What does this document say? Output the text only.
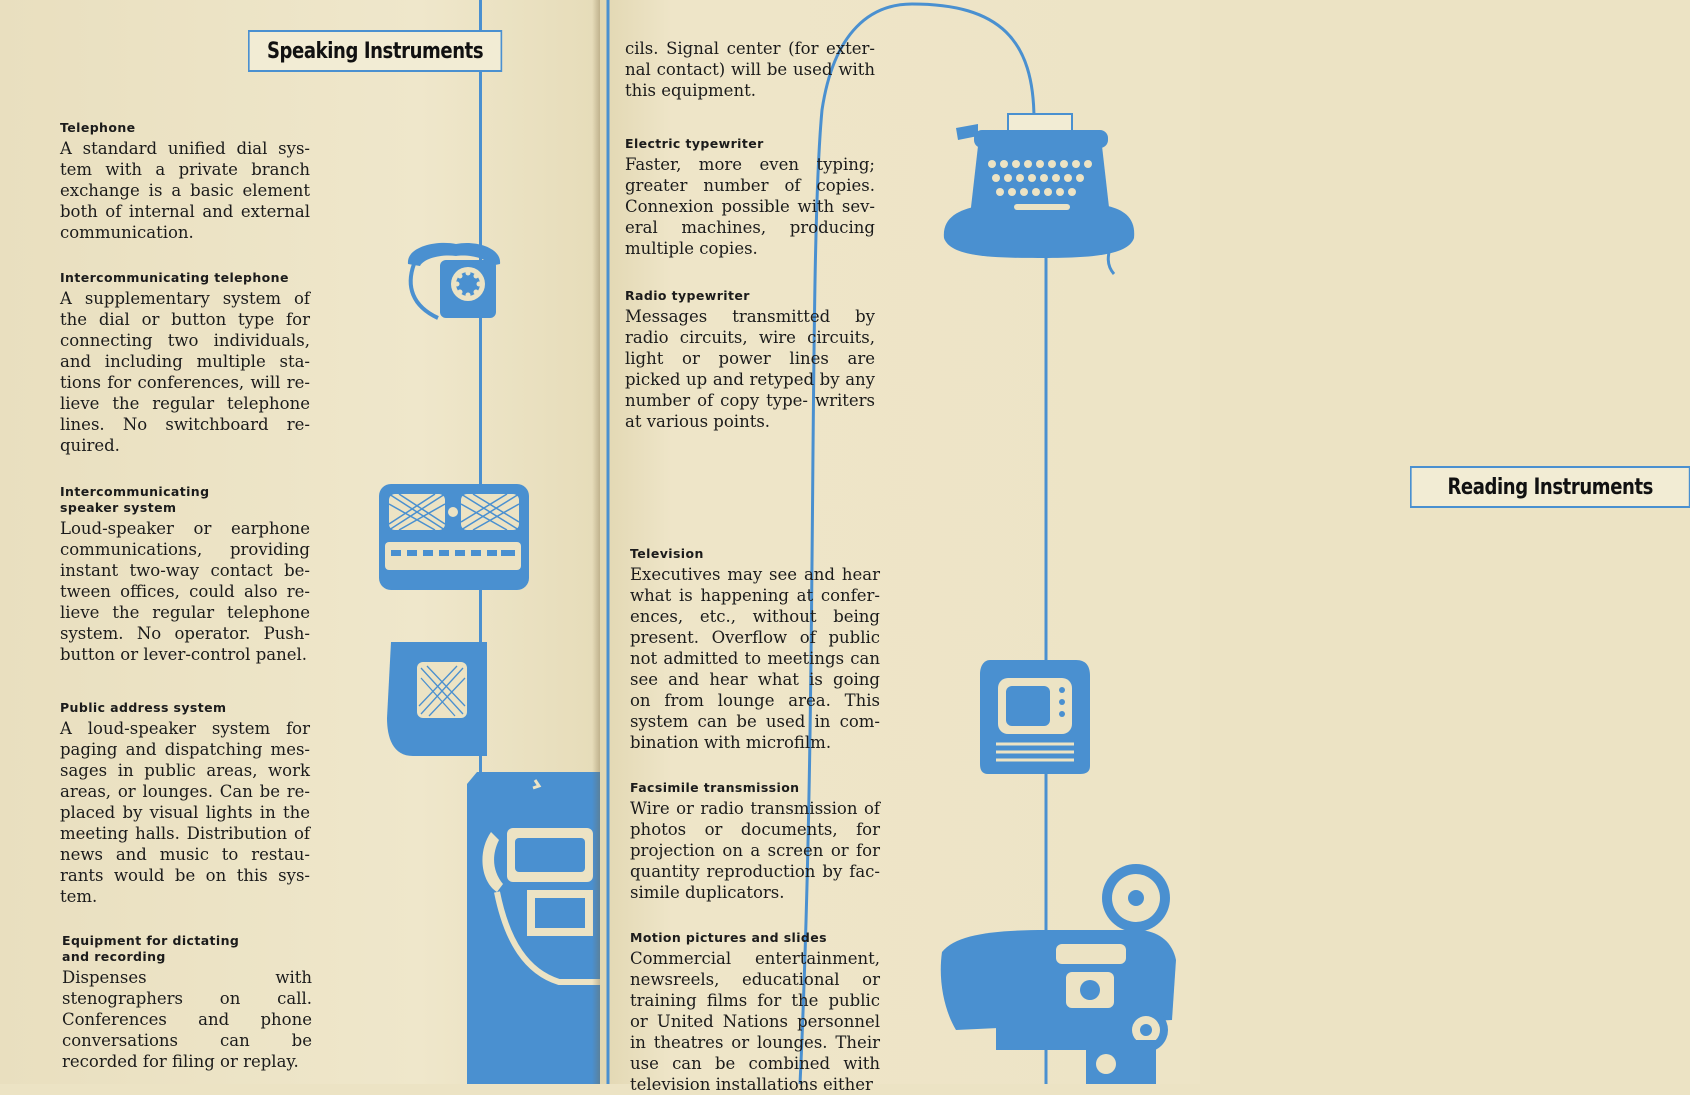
Speaking Instruments
Telephone

A standard unified dial sys- tem with a private branch exchange is a basic element both of internal and external communication.

Intercommunicating telephone

A supplementary system of the dial or button type for connecting two individuals, and including multiple sta- tions for conferences, will re- lieve the regular telephone lines. No switchboard re- quired.

Intercommunicating speaker system

Loud-speaker or earphone communications, providing instant two-way contact be- tween offices, could also re- lieve the regular telephone system. No operator. Push- button or lever-control panel.

Public address system

A loud-speaker system for paging and dispatching mes- sages in public areas, work areas, or lounges. Can be re- placed by visual lights in the meeting halls. Distribution of news and music to restau- rants would be on this sys- tem.

Equipment for dictating and recording

Dispenses with stenographers on call. Conferences and phone conversations can be recorded for filing or replay.

cils. Signal center (for exter- nal contact) will be used with this equipment.

Electric typewriter

Faster, more even typing; greater number of copies. Connexion possible with sev- eral machines, producing multiple copies.

Radio typewriter

Messages transmitted by radio circuits, wire circuits, light or power lines are picked up and retyped by any number of copy type- writers at various points.

Television

Executives may see and hear what is happening at confer- ences, etc., without being present. Overflow of public not admitted to meetings can see and hear what is going on from lounge area. This system can be used in com- bination with microfilm.

Facsimile transmission

Wire or radio transmission of photos or documents, for projection on a screen or for quantity reproduction by fac- simile duplicators.

Motion pictures and slides

Commercial entertainment, newsreels, educational or training films for the public or United Nations personnel in theatres or lounges. Their use can be combined with television installations either

Reading Instruments
